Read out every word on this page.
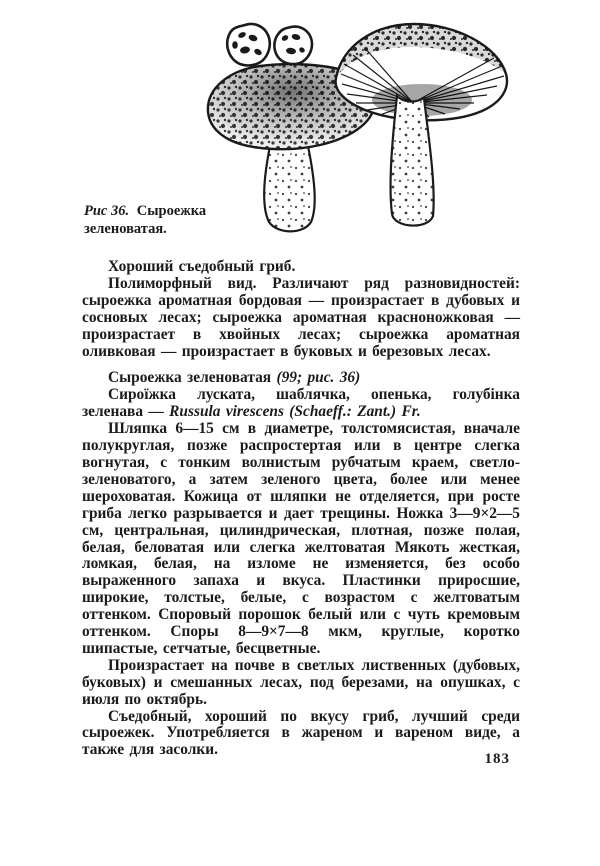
Рис 36. Сыроежка зеленоватая.

Хороший съедобный гриб.

Полиморфный вид. Различают ряд разновидностей: сыроежка ароматная бордовая — произрастает в дубовых и сосновых лесах; сыроежка ароматная красноножковая — произрастает в хвойных лесах; сыроежка ароматная оливковая — произрастает в буковых и березовых лесах.

Сыроежка зеленоватая (99; рис. 36)

Сироїжка луската, шаблячка, опенька, голубінка зеленава — Russula virescens (Schaeff.: Zant.) Fr.

Шляпка 6—15 см в диаметре, толстомясистая, вначале полукруглая, позже распростертая или в центре слегка вогнутая, с тонким волнистым рубчатым краем, светло-зеленоватого, а затем зеленого цвета, более или менее шероховатая. Кожица от шляпки не отделяется, при росте гриба легко разрывается и дает трещины. Ножка 3—9×2—5 см, центральная, цилиндрическая, плотная, позже полая, белая, беловатая или слегка желтоватая Мякоть жесткая, ломкая, белая, на изломе не изменяется, без особо выраженного запаха и вкуса. Пластинки приросшие, широкие, толстые, белые, с возрастом с желтоватым оттенком. Споровый порошок белый или с чуть кремовым оттенком. Споры 8—9×7—8 мкм, круглые, коротко шипастые, сетчатые, бесцветные.

Произрастает на почве в светлых лиственных (дубовых, буковых) и смешанных лесах, под березами, на опушках, с июля по октябрь.

Съедобный, хороший по вкусу гриб, лучший среди сыроежек. Употребляется в жареном и вареном виде, а также для засолки.

183
